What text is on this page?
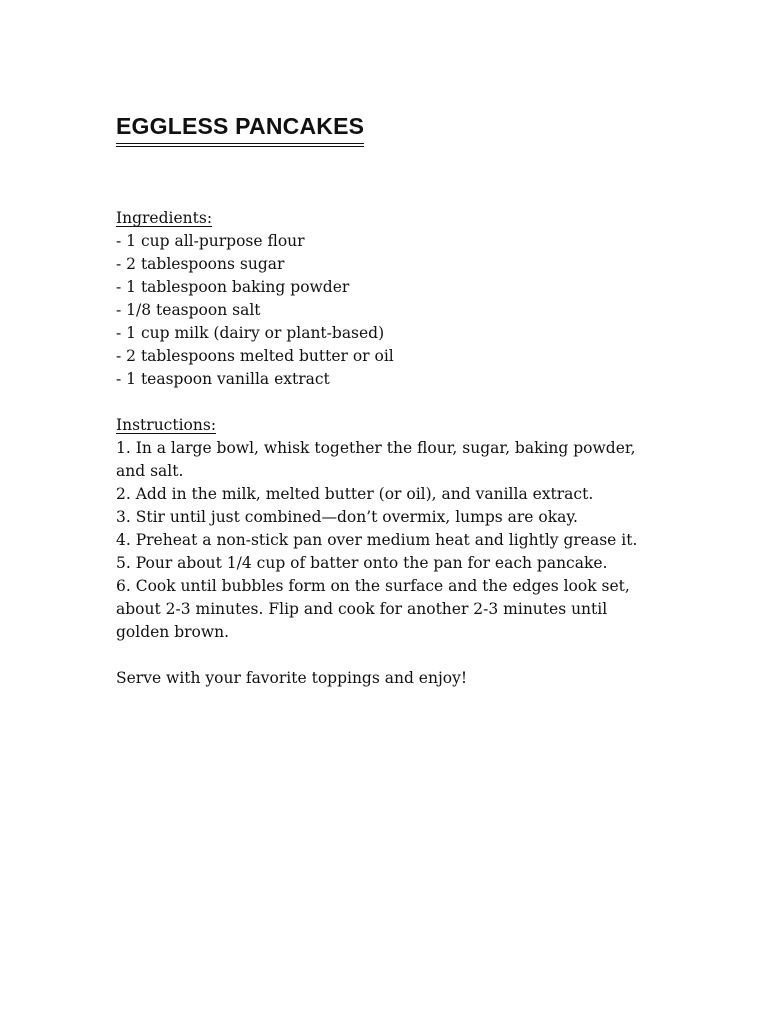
EGGLESS PANCAKES
Ingredients:
- 1 cup all-purpose flour
- 2 tablespoons sugar
- 1 tablespoon baking powder
- 1/8 teaspoon salt
- 1 cup milk (dairy or plant-based)
- 2 tablespoons melted butter or oil
- 1 teaspoon vanilla extract
Instructions:
1. In a large bowl, whisk together the flour, sugar, baking powder, and salt.
2. Add in the milk, melted butter (or oil), and vanilla extract.
3. Stir until just combined—don’t overmix, lumps are okay.
4. Preheat a non-stick pan over medium heat and lightly grease it.
5. Pour about 1/4 cup of batter onto the pan for each pancake.
6. Cook until bubbles form on the surface and the edges look set, about 2-3 minutes. Flip and cook for another 2-3 minutes until golden brown.

Serve with your favorite toppings and enjoy!
